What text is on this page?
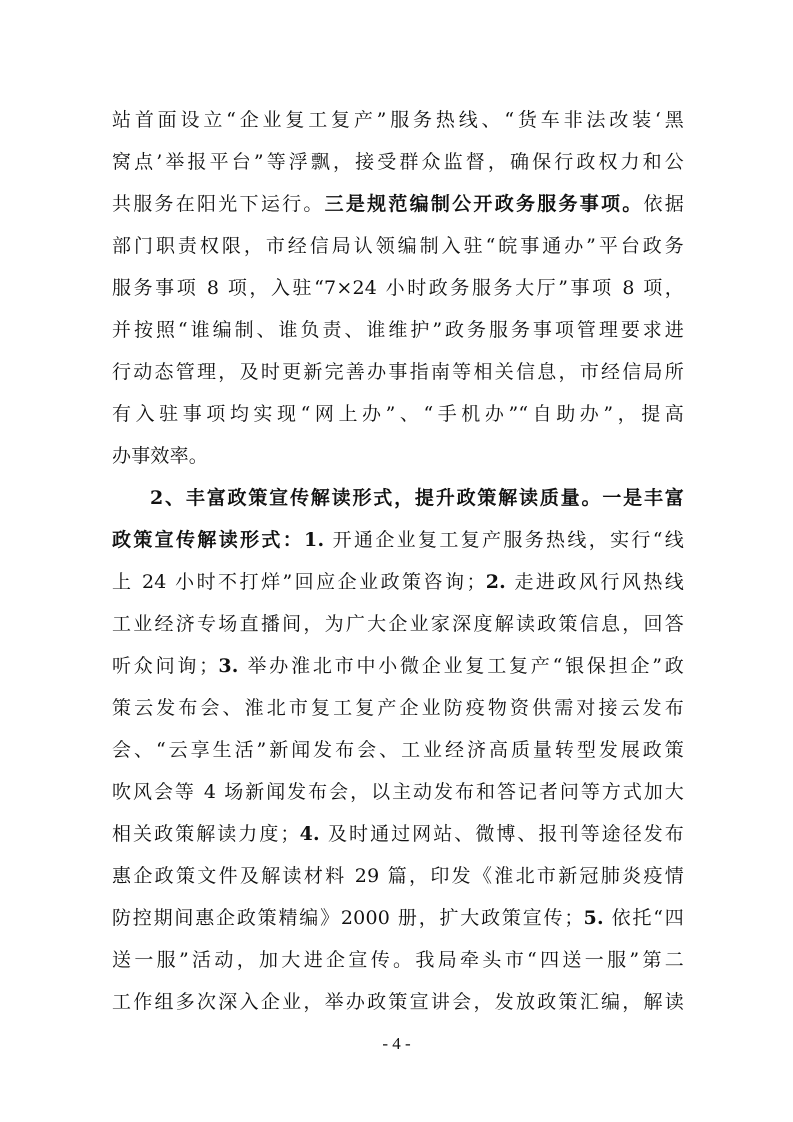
站首面设立“企业复工复产”服务热线、“货车非法改装‘黑
窝点’举报平台”等浮飘，接受群众监督，确保行政权力和公
共服务在阳光下运行。三是规范编制公开政务服务事项。依据
部门职责权限，市经信局认领编制入驻“皖事通办”平台政务
服务事项 8 项，入驻“7×24 小时政务服务大厅”事项 8 项，
并按照“谁编制、谁负责、谁维护”政务服务事项管理要求进
行动态管理，及时更新完善办事指南等相关信息，市经信局所
有入驻事项均实现“网上办”、“手机办”“自助办”，提高
办事效率。
2、丰富政策宣传解读形式，提升政策解读质量。一是丰富
政策宣传解读形式：1. 开通企业复工复产服务热线，实行“线
上 24 小时不打烊”回应企业政策咨询；2. 走进政风行风热线
工业经济专场直播间，为广大企业家深度解读政策信息，回答
听众问询；3. 举办淮北市中小微企业复工复产“银保担企”政
策云发布会、淮北市复工复产企业防疫物资供需对接云发布
会、“云享生活”新闻发布会、工业经济高质量转型发展政策
吹风会等 4 场新闻发布会，以主动发布和答记者问等方式加大
相关政策解读力度；4. 及时通过网站、微博、报刊等途径发布
惠企政策文件及解读材料 29 篇，印发《淮北市新冠肺炎疫情
防控期间惠企政策精编》2000 册，扩大政策宣传；5. 依托“四
送一服”活动，加大进企宣传。我局牵头市“四送一服”第二
工作组多次深入企业，举办政策宣讲会，发放政策汇编，解读
- 4 -
